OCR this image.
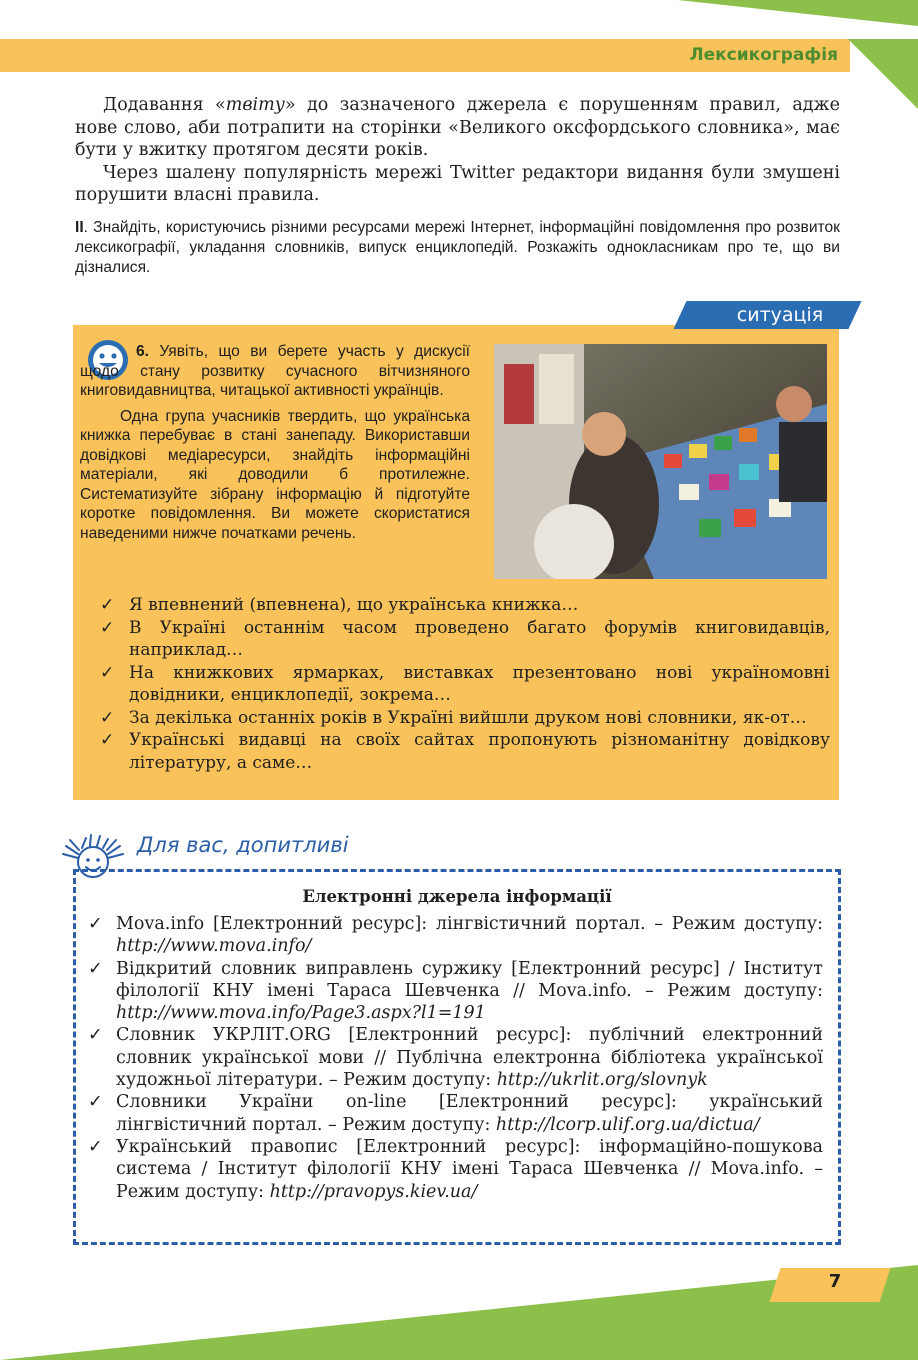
Лексикографія

Додавання «твіту» до зазначеного джерела є порушенням правил, адже нове слово, аби потрапити на сторінки «Великого оксфордського словника», має бути у вжитку протягом десяти років.

Через шалену популярність мережі Twitter редактори видання були змушені порушити власні правила.

ІІ. Знайдіть, користуючись різними ресурсами мережі Інтернет, інформаційні повідомлення про розвиток лексикографії, укладання словників, випуск енциклопедій. Розкажіть однокласникам про те, що ви дізналися.
ситуація

6. Уявіть, що ви берете участь у дискусії щодо стану розвитку сучасного вітчизняного книговидавництва, читацької активності українців.

Одна група учасників твердить, що українська книжка перебуває в стані занепаду. Використавши довідкові медіаресурси, знайдіть інформаційні матеріали, які доводили б протилежне. Систематизуйте зібрану інформацію й підготуйте коротке повідомлення. Ви можете скористатися наведеними нижче початками речень.

✓ Я впевнений (впевнена), що українська книжка…
✓ В Україні останнім часом проведено багато форумів книговидавців, наприклад…
✓ На книжкових ярмарках, виставках презентовано нові україномовні довідники, енциклопедії, зокрема…
✓ За декілька останніх років в Україні вийшли друком нові словники, як-от…
✓ Українські видавці на своїх сайтах пропонують різноманітну довідкову літературу, а саме…
Для вас, допитливі
Електронні джерела інформації
✓ Mova.info [Електронний ресурс]: лінгвістичний портал. – Режим доступу: http://www.mova.info/
✓ Відкритий словник виправлень суржику [Електронний ресурс] / Інститут філології КНУ імені Тараса Шевченка // Mova.info. – Режим доступу: http://www.mova.info/Page3.aspx?l1=191
✓ Словник УКРЛІТ.ORG [Електронний ресурс]: публічний електронний словник української мови // Публічна електронна бібліотека української художньої літератури. – Режим доступу: http://ukrlit.org/slovnyk
✓ Словники України on-line [Електронний ресурс]: український лінгвістичний портал. – Режим доступу: http://lcorp.ulif.org.ua/dictua/
✓ Український правопис [Електронний ресурс]: інформаційно-пошукова система / Інститут філології КНУ імені Тараса Шевченка // Mova.info. – Режим доступу: http://pravopys.kiev.ua/
7
